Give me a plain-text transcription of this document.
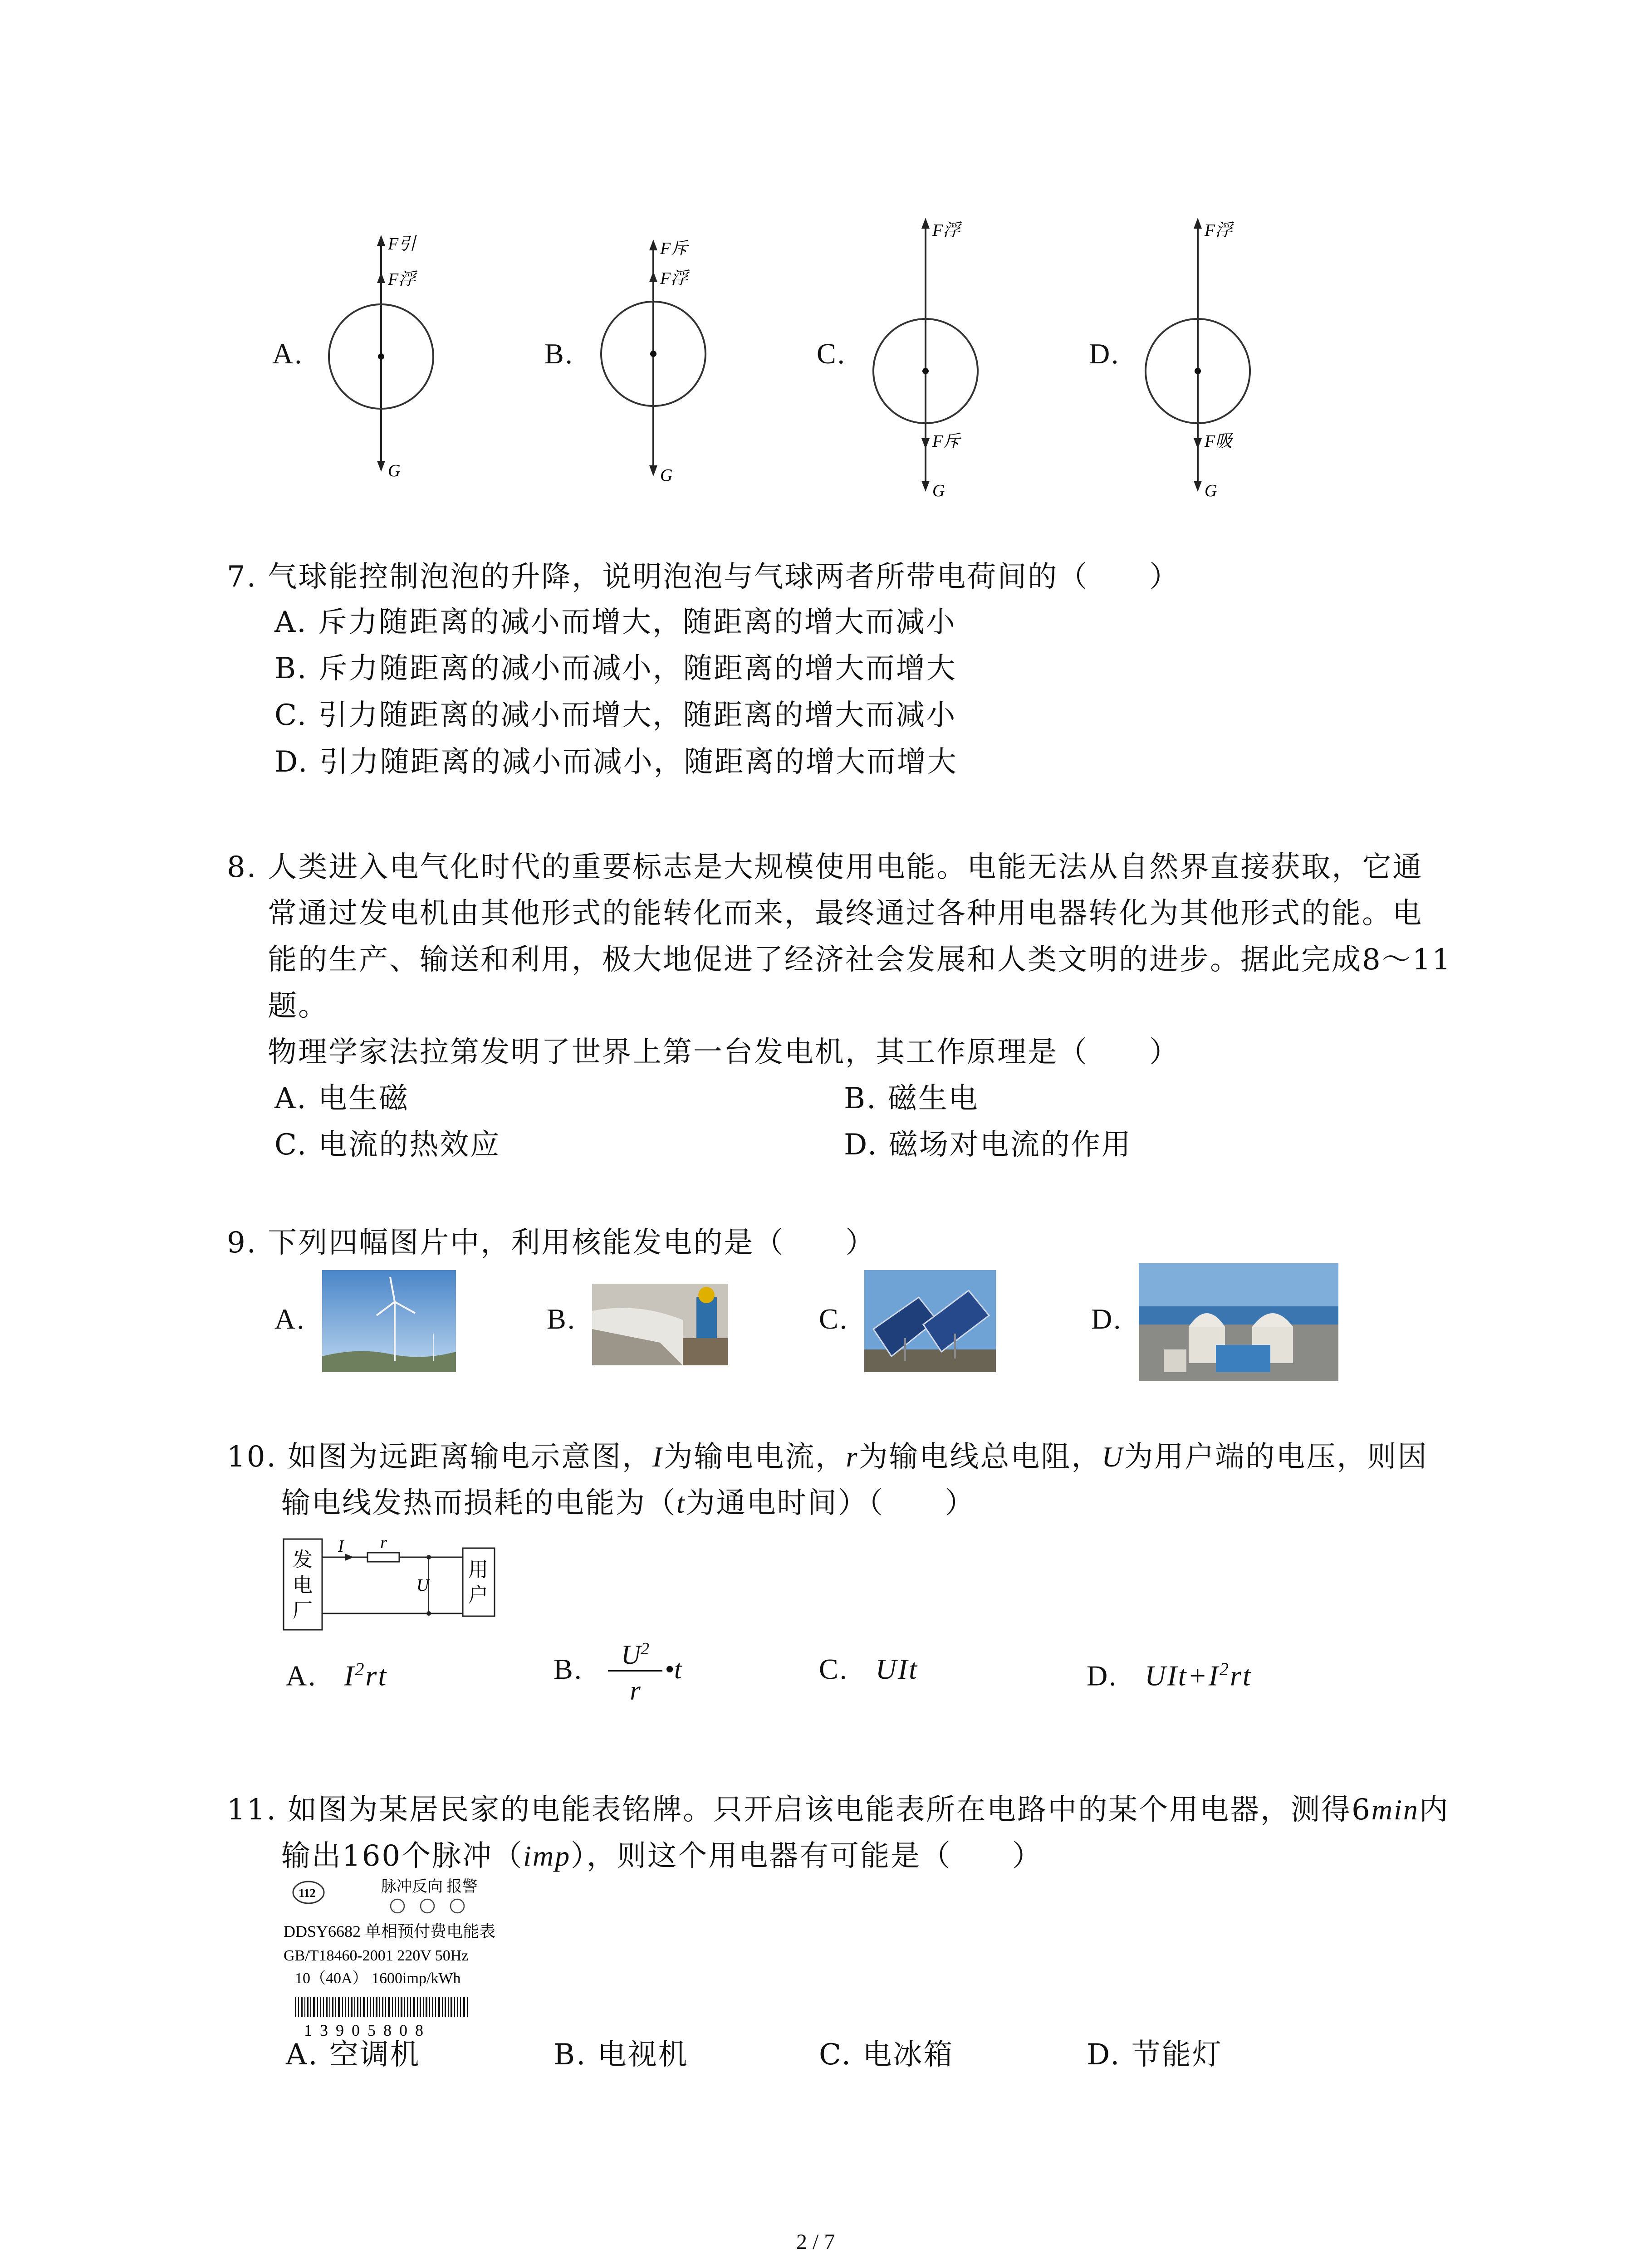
A.
F引
F浮
G
B.
F斥
F浮
G
C.
F浮
F斥
G
D.
F浮
F吸
G
7. 气球能控制泡泡的升降，说明泡泡与气球两者所带电荷间的（　　）
A. 斥力随距离的减小而增大，随距离的增大而减小
B. 斥力随距离的减小而减小，随距离的增大而增大
C. 引力随距离的减小而增大，随距离的增大而减小
D. 引力随距离的减小而减小，随距离的增大而增大
8. 人类进入电气化时代的重要标志是大规模使用电能。电能无法从自然界直接获取，它通
常通过发电机由其他形式的能转化而来，最终通过各种用电器转化为其他形式的能。电
能的生产、输送和利用，极大地促进了经济社会发展和人类文明的进步。据此完成8～11
题。
物理学家法拉第发明了世界上第一台发电机，其工作原理是（　　）
A. 电生磁	B. 磁生电
C. 电流的热效应	D. 磁场对电流的作用
9. 下列四幅图片中，利用核能发电的是（　　）
A.	B.	C.	D.
10. 如图为远距离输电示意图，I为输电电流，r为输电线总电阻，U为用户端的电压，则因
输电线发热而损耗的电能为（t为通电时间）（　　）
发
电
厂
I r
U
用
户
A. $I^2rt$	B.	$U^2$
r
•t	C. UIt	D. $UIt+I^2rt$
11. 如图为某居民家的电能表铭牌。只开启该电能表所在电路中的某个用电器，测得6min内
输出160个脉冲（imp），则这个用电器有可能是（　　）
112	脉冲反向 报警
DDSY6682 单相预付费电能表
GB/T18460-2001 220V 50Hz
10（40A） 1600imp/kWh
1 3 9 0 5 8 0 8
A. 空调机	B. 电视机	C. 电冰箱	D. 节能灯
2 / 7
